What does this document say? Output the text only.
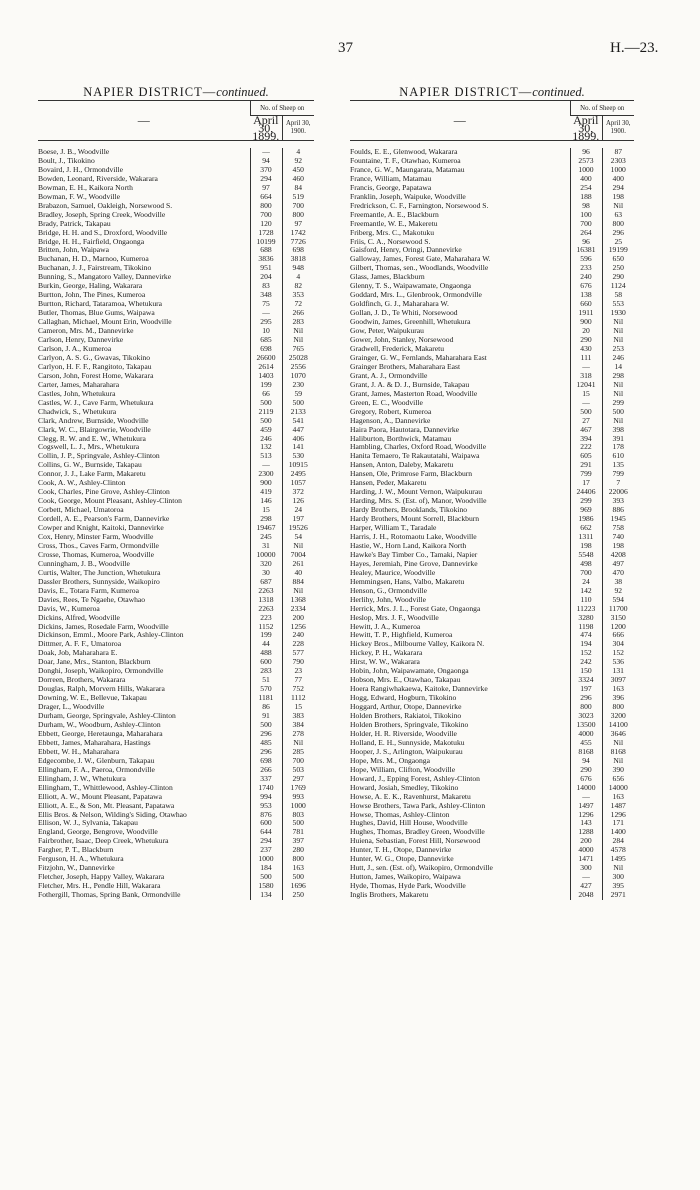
37	H.—23.
NAPIER DISTRICT—continued.
—	No. of Sheep on	
	April 30, 1899.	April 30, 1900.
Boese, J. B., Woodville	—	4
Boult, J., Tikokino	94	92
Bovaird, J. H., Ormondville	370	450
Bowden, Leonard, Riverside, Wakarara	294	460
Bowman, E. H., Kaikora North	97	84
Bowman, F. W., Woodville	664	519
Brabazon, Samuel, Oakleigh, Norsewood S.	800	700
Bradley, Joseph, Spring Creek, Woodville	700	800
Brady, Patrick, Takapau	120	97
Bridge, H. H. and S., Droxford, Woodville	1728	1742
Bridge, H. H., Fairfield, Ongaonga	10199	7726
Britten, John, Waipawa	688	698
Buchanan, H. D., Marnoo, Kumeroa	3836	3818
Buchanan, J. J., Fairstream, Tikokino	951	948
Bunning, S., Mangatoro Valley, Dannevirke	204	4
Burkin, George, Haling, Wakarara	83	82
Burtton, John, The Pines, Kumeroa	348	353
Burtton, Richard, Tataramoa, Whetukura	75	72
Butler, Thomas, Blue Gums, Waipawa	—	266
Callaghan, Michael, Mount Erin, Woodville	295	283
Cameron, Mrs. M., Dannevirke	10	Nil
Carlson, Henry, Dannevirke	685	Nil
Carlson, J. A., Kumeroa	698	765
Carlyon, A. S. G., Gwavas, Tikokino	26600	25028
Carlyon, H. F. F., Rangitoto, Takapau	2614	2556
Carson, John, Forest Home, Wakarara	1403	1070
Carter, James, Maharahara	199	230
Castles, John, Whetukura	66	59
Castles, W. J., Cave Farm, Whetukura	500	500
Chadwick, S., Whetukura	2119	2133
Clark, Andrew, Burnside, Woodville	500	541
Clark, W. C., Blairgowrie, Woodville	459	447
Clegg, R. W. and E. W., Whetukura	246	406
Cogswell, L. J., Mrs., Whetukura	132	141
Collin, J. P., Springvale, Ashley-Clinton	513	530
Collins, G. W., Burnside, Takapau	—	10915
Connor, J. J., Lake Farm, Makaretu	2300	2495
Cook, A. W., Ashley-Clinton	900	1057
Cook, Charles, Pine Grove, Ashley-Clinton	419	372
Cook, George, Mount Pleasant, Ashley-Clinton	146	126
Corbett, Michael, Umatoroa	15	24
Cordell, A. E., Pearson's Farm, Dannevirke	298	197
Cowper and Knight, Kaitoki, Dannevirke	19467	19526
Cox, Henry, Minster Farm, Woodville	245	54
Cross, Thos., Caves Farm, Ormondville	31	Nil
Crosse, Thomas, Kumeroa, Woodville	10000	7004
Cunningham, J. B., Woodville	320	261
Curtis, Walter, The Junction, Whetukura	30	40
Dassler Brothers, Sunnyside, Waikopiro	687	884
Davis, E., Totara Farm, Kumeroa	2263	Nil
Davies, Rees, Te Ngaehe, Otawhao	1318	1368
Davis, W., Kumeroa	2263	2334
Dickins, Alfred, Woodville	223	200
Dickins, James, Rosedale Farm, Woodville	1152	1256
Dickinson, Emml., Moore Park, Ashley-Clinton	199	240
Dittmer, A. F. F., Umatoroa	44	228
Doak, Job, Maharahara E.	488	577
Doar, Jane, Mrs., Stanton, Blackburn	600	790
Donghi, Joseph, Waikopiro, Ormondville	283	23
Dorreen, Brothers, Wakarara	51	77
Douglas, Ralph, Morvern Hills, Wakarara	570	752
Downing, W. E., Bellevue, Takapau	1181	1112
Drager, L., Woodville	86	15
Durham, George, Springvale, Ashley-Clinton	91	383
Durham, W., Woodburn, Ashley-Clinton	500	384
Ebbett, George, Heretaunga, Maharahara	296	278
Ebbett, James, Maharahara, Hastings	485	Nil
Ebbett, W. H., Maharahara	296	285
Edgecombe, J. W., Glenburn, Takapau	698	700
Ellingham, F. A., Paeroa, Ormondville	266	503
Ellingham, J. W., Whetukura	337	297
Ellingham, T., Whittlewood, Ashley-Clinton	1740	1769
Elliott, A. W., Mount Pleasant, Papatawa	994	993
Elliott, A. E., & Son, Mt. Pleasant, Papatawa	953	1000
Ellis Bros. & Nelson, Wilding's Siding, Otawhao	876	803
Ellison, W. J., Sylvania, Takapau	600	500
England, George, Bengrove, Woodville	644	781
Fairbrother, Isaac, Deep Creek, Whetukura	294	397
Fargher, P. T., Blackburn	237	280
Ferguson, H. A., Whetukura	1000	800
Fitzjohn, W., Dannevirke	184	163
Fletcher, Joseph, Happy Valley, Wakarara	500	500
Fletcher, Mrs. H., Pendle Hill, Wakarara	1580	1696
Fothergill, Thomas, Spring Bank, Ormondville	134	250
NAPIER DISTRICT—continued.
—	No. of Sheep on	
	April 30, 1899.	April 30, 1900.
Foulds, E. E., Glenwood, Wakarara	96	87
Fountaine, T. F., Otawhao, Kumeroa	2573	2303
France, G. W., Maungarata, Matamau	1000	1000
France, William, Matamau	400	400
Francis, George, Papatawa	254	294
Franklin, Joseph, Waipuke, Woodville	188	198
Fredrickson, C. F., Farnington, Norsewood S.	98	Nil
Freemantle, A. E., Blackburn	100	63
Freemantle, W. E., Makeretu	700	800
Friberg, Mrs. C., Makotuku	264	296
Friis, C. A., Norsewood S.	96	25
Gaisford, Henry, Oringi, Dannevirke	16381	19199
Galloway, James, Forest Gate, Maharahara W.	596	650
Gilbert, Thomas, sen., Woodlands, Woodville	233	250
Glass, James, Blackburn	240	290
Glenny, T. S., Waipawamate, Ongaonga	676	1124
Goddard, Mrs. L., Glenbrook, Ormondville	138	58
Goldfinch, G. J., Maharahara W.	660	553
Gollan, J. D., Te Whiti, Norsewood	1911	1930
Goodwin, James, Greenhill, Whetukura	900	Nil
Gow, Peter, Waipukurau	20	Nil
Gower, John, Stanley, Norsewood	290	Nil
Gradwell, Frederick, Makaretu	430	253
Grainger, G. W., Fernlands, Maharahara East	111	246
Grainger Brothers, Maharahara East	—	14
Grant, A. J., Ormondville	318	298
Grant, J. A. & D. J., Burnside, Takapau	12041	Nil
Grant, James, Masterton Road, Woodville	15	Nil
Green, E. C., Woodville	—	299
Gregory, Robert, Kumeroa	500	500
Hagenson, A., Dannevirke	27	Nil
Haira Paora, Hautotara, Dannevirke	467	398
Haliburton, Borthwick, Matamau	394	391
Hambling, Charles, Oxford Road, Woodville	222	178
Hanita Temaero, Te Rakautatahi, Waipawa	605	610
Hansen, Anton, Daleby, Makaretu	291	135
Hansen, Ole, Primrose Farm, Blackburn	799	799
Hansen, Peder, Makaretu	17	7
Harding, J. W., Mount Vernon, Waipukurau	24406	22006
Harding, Mrs. S. (Est. of), Manor, Woodville	299	393
Hardy Brothers, Brooklands, Tikokino	969	886
Hardy Brothers, Mount Sorrell, Blackburn	1986	1945
Harper, William T., Taradale	662	758
Harris, J. H., Rotomaotu Lake, Woodville	1311	740
Hastie, W., Horn Land, Kaikora North	198	198
Hawke's Bay Timber Co., Tamaki, Napier	5548	4208
Hayes, Jeremiah, Pine Grove, Dannevirke	498	497
Healey, Maurice, Woodville	700	470
Hemmingsen, Hans, Valbo, Makaretu	24	38
Henson, G., Ormondville	142	92
Herlihy, John, Woodville	110	594
Herrick, Mrs. J. L., Forest Gate, Ongaonga	11223	11700
Heslop, Mrs. J. F., Woodville	3280	3150
Hewitt, J. A., Kumeroa	1198	1200
Hewitt, T. P., Highfield, Kumeroa	474	666
Hickey Bros., Milbourne Valley, Kaikora N.	194	304
Hickey, P. H., Wakarara	152	152
Hirst, W. W., Wakarara	242	536
Hobin, John, Waipawamate, Ongaonga	150	131
Hobson, Mrs. E., Otawhao, Takapau	3324	3097
Hoera Rangiwhakaewa, Kaitoke, Dannevirke	197	163
Hogg, Edward, Hogburn, Tikokino	296	396
Hoggard, Arthur, Otope, Dannevirke	800	800
Holden Brothers, Rakiatoi, Tikokino	3023	3200
Holden Brothers, Springvale, Tikokino	13500	14100
Holder, H. R. Riverside, Woodville	4000	3646
Holland, E. H., Sunnyside, Makotuku	455	Nil
Hooper, J. S., Arlington, Waipukurau	8168	8168
Hope, Mrs. M., Ongaonga	94	Nil
Hope, William, Clifton, Woodville	290	390
Howard, J., Epping Forest, Ashley-Clinton	676	656
Howard, Josiah, Smedley, Tikokino	14000	14000
Howse, A. E. K., Ravenhurst, Makaretu	—	163
Howse Brothers, Tawa Park, Ashley-Clinton	1497	1487
Howse, Thomas, Ashley-Clinton	1296	1296
Hughes, David, Hill House, Woodville	143	171
Hughes, Thomas, Bradley Green, Woodville	1288	1400
Huiena, Sebastian, Forest Hill, Norsewood	200	284
Hunter, T. H., Otope, Dannevirke	4000	4578
Hunter, W. G., Otope, Dannevirke	1471	1495
Hutt, J., sen. (Est. of), Waikopiro, Ormondville	300	Nil
Hutton, James, Waikopiro, Waipawa	—	300
Hyde, Thomas, Hyde Park, Woodville	427	395
Inglis Brothers, Makaretu	2048	2971
